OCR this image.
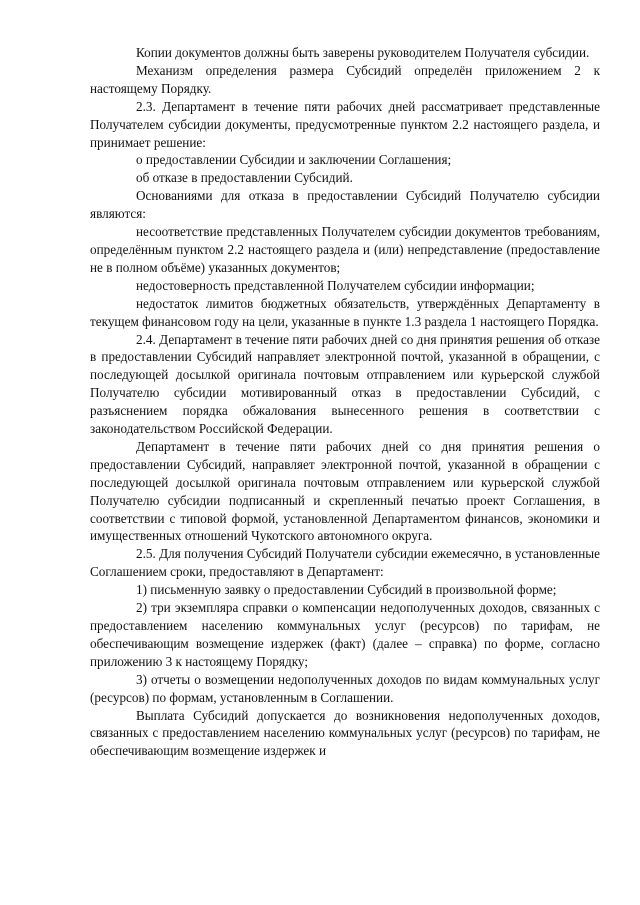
Копии документов должны быть заверены руководителем Получателя субсидии.

Механизм определения размера Субсидий определён приложением 2 к настоящему Порядку.

2.3. Департамент в течение пяти рабочих дней рассматривает представленные Получателем субсидии документы, предусмотренные пунктом 2.2 настоящего раздела, и принимает решение:

о предоставлении Субсидии и заключении Соглашения;

об отказе в предоставлении Субсидий.

Основаниями для отказа в предоставлении Субсидий Получателю субсидии являются:

несоответствие представленных Получателем субсидии документов требованиям, определённым пунктом 2.2 настоящего раздела и (или) непредставление (предоставление не в полном объёме) указанных документов;

недостоверность представленной Получателем субсидии информации;

недостаток лимитов бюджетных обязательств, утверждённых Департаменту в текущем финансовом году на цели, указанные в пункте 1.3 раздела 1 настоящего Порядка.

2.4. Департамент в течение пяти рабочих дней со дня принятия решения об отказе в предоставлении Субсидий направляет электронной почтой, указанной в обращении, с последующей досылкой оригинала почтовым отправлением или курьерской службой Получателю субсидии мотивированный отказ в предоставлении Субсидий, с разъяснением порядка обжалования вынесенного решения в соответствии с законодательством Российской Федерации.

Департамент в течение пяти рабочих дней со дня принятия решения о предоставлении Субсидий, направляет электронной почтой, указанной в обращении с последующей досылкой оригинала почтовым отправлением или курьерской службой Получателю субсидии подписанный и скрепленный печатью проект Соглашения, в соответствии с типовой формой, установленной Департаментом финансов, экономики и имущественных отношений Чукотского автономного округа.

2.5. Для получения Субсидий Получатели субсидии ежемесячно, в установленные Соглашением сроки, предоставляют в Департамент:

1) письменную заявку о предоставлении Субсидий в произвольной форме;

2) три экземпляра справки о компенсации недополученных доходов, связанных с предоставлением населению коммунальных услуг (ресурсов) по тарифам, не обеспечивающим возмещение издержек (факт) (далее – справка) по форме, согласно приложению 3 к настоящему Порядку;

3) отчеты о возмещении недополученных доходов по видам коммунальных услуг (ресурсов) по формам, установленным в Соглашении.

Выплата Субсидий допускается до возникновения недополученных доходов, связанных с предоставлением населению коммунальных услуг (ресурсов) по тарифам, не обеспечивающим возмещение издержек и
